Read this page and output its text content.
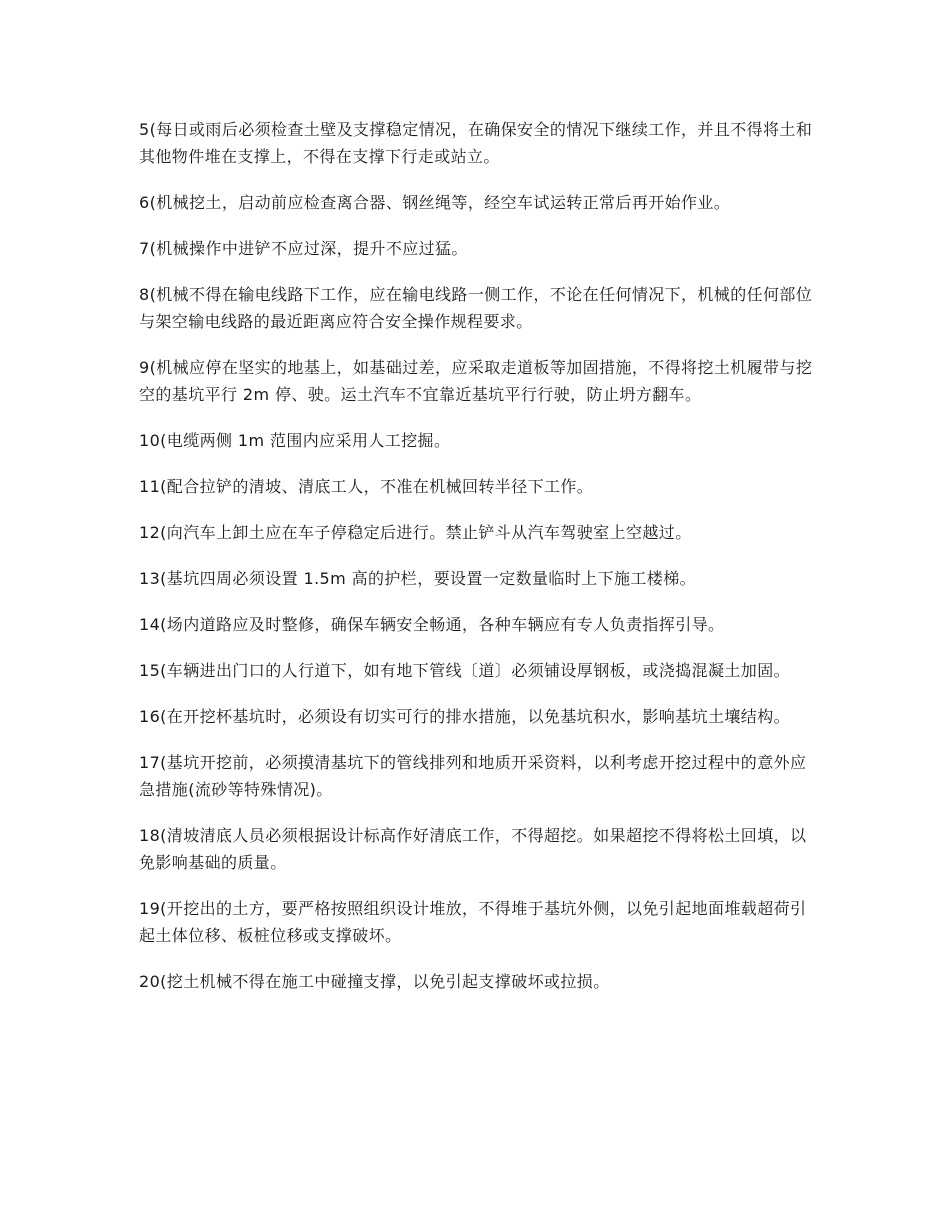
5(每日或雨后必须检查土壁及支撑稳定情况，在确保安全的情况下继续工作，并且不得将土和其他物件堆在支撑上，不得在支撑下行走或站立。

6(机械挖土，启动前应检查离合器、钢丝绳等，经空车试运转正常后再开始作业。

7(机械操作中进铲不应过深，提升不应过猛。

8(机械不得在输电线路下工作，应在输电线路一侧工作，不论在任何情况下，机械的任何部位与架空输电线路的最近距离应符合安全操作规程要求。

9(机械应停在坚实的地基上，如基础过差，应采取走道板等加固措施，不得将挖土机履带与挖空的基坑平行 2m 停、驶。运土汽车不宜靠近基坑平行行驶，防止坍方翻车。

10(电缆两侧 1m 范围内应采用人工挖掘。

11(配合拉铲的清坡、清底工人，不准在机械回转半径下工作。

12(向汽车上卸土应在车子停稳定后进行。禁止铲斗从汽车驾驶室上空越过。

13(基坑四周必须设置 1.5m 高的护栏，要设置一定数量临时上下施工楼梯。

14(场内道路应及时整修，确保车辆安全畅通，各种车辆应有专人负责指挥引导。

15(车辆进出门口的人行道下，如有地下管线〔道〕必须铺设厚钢板，或浇捣混凝土加固。

16(在开挖杯基坑时，必须设有切实可行的排水措施，以免基坑积水，影响基坑土壤结构。

17(基坑开挖前，必须摸清基坑下的管线排列和地质开采资料，以利考虑开挖过程中的意外应急措施(流砂等特殊情况)。

18(清坡清底人员必须根据设计标高作好清底工作，不得超挖。如果超挖不得将松土回填，以免影响基础的质量。

19(开挖出的土方，要严格按照组织设计堆放，不得堆于基坑外侧，以免引起地面堆载超荷引起土体位移、板桩位移或支撑破坏。

20(挖土机械不得在施工中碰撞支撑，以免引起支撑破坏或拉损。
